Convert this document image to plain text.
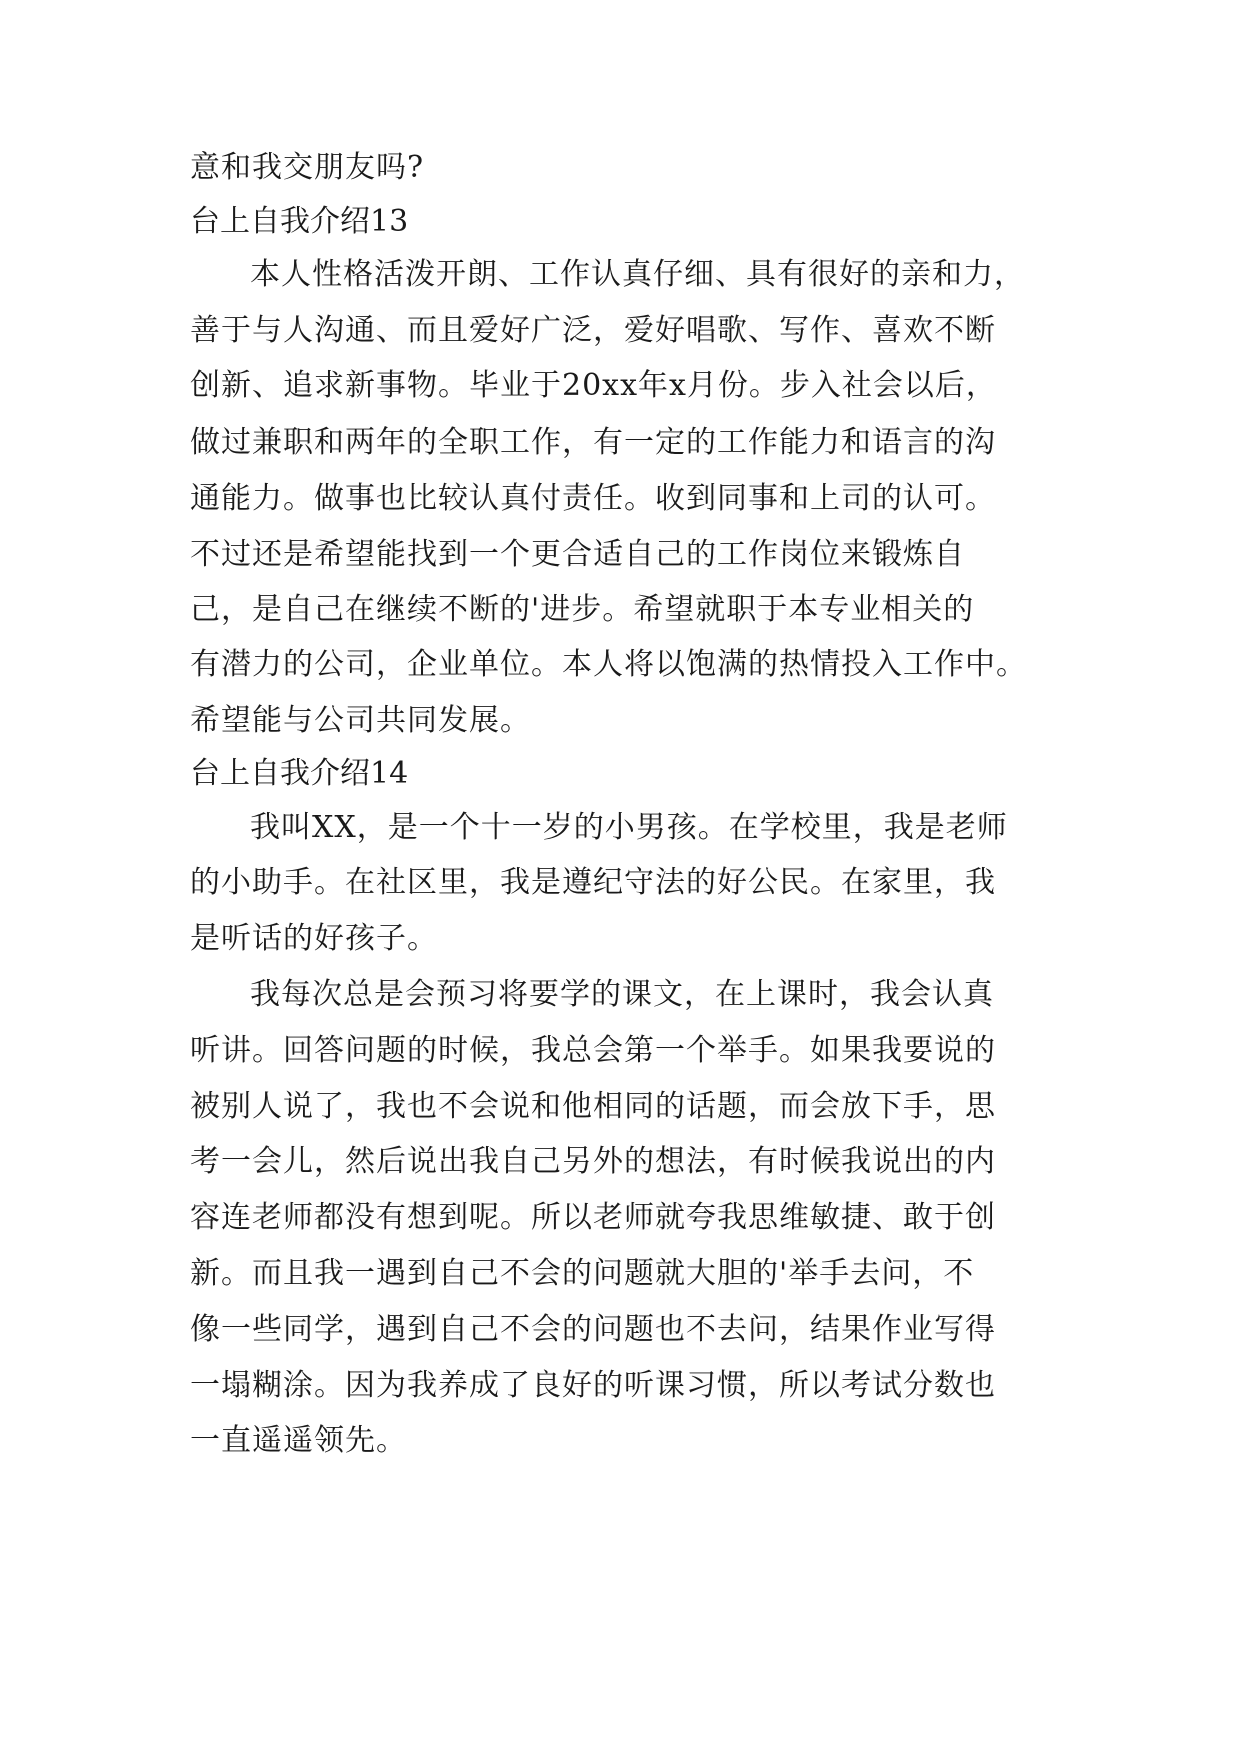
意和我交朋友吗?
台上自我介绍13
本人性格活泼开朗、工作认真仔细、具有很好的亲和力，
善于与人沟通、而且爱好广泛，爱好唱歌、写作、喜欢不断
创新、追求新事物。毕业于20xx年x月份。步入社会以后，
做过兼职和两年的全职工作，有一定的工作能力和语言的沟
通能力。做事也比较认真付责任。收到同事和上司的认可。
不过还是希望能找到一个更合适自己的工作岗位来锻炼自
己，是自己在继续不断的'进步。希望就职于本专业相关的
有潜力的公司，企业单位。本人将以饱满的热情投入工作中。
希望能与公司共同发展。
台上自我介绍14
我叫XX，是一个十一岁的小男孩。在学校里，我是老师
的小助手。在社区里，我是遵纪守法的好公民。在家里，我
是听话的好孩子。
我每次总是会预习将要学的课文，在上课时，我会认真
听讲。回答问题的时候，我总会第一个举手。如果我要说的
被别人说了，我也不会说和他相同的话题，而会放下手，思
考一会儿，然后说出我自己另外的想法，有时候我说出的内
容连老师都没有想到呢。所以老师就夸我思维敏捷、敢于创
新。而且我一遇到自己不会的问题就大胆的'举手去问，不
像一些同学，遇到自己不会的问题也不去问，结果作业写得
一塌糊涂。因为我养成了良好的听课习惯，所以考试分数也
一直遥遥领先。
